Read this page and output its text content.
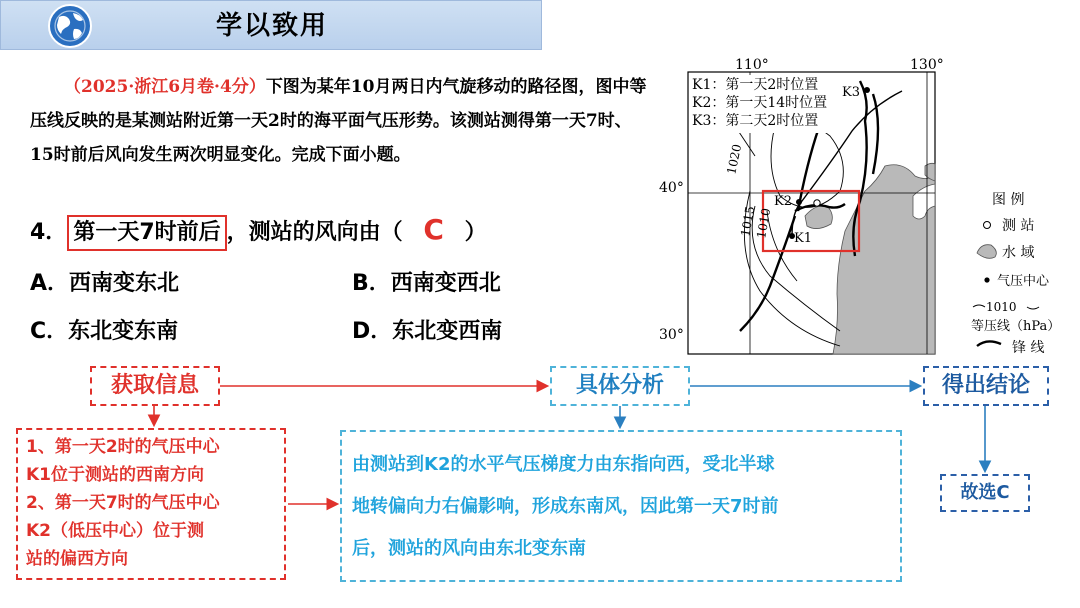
学以致用
（2025·浙江6月卷·4分）下图为某年10月两日内气旋移动的路径图，图中等压线反映的是某测站附近第一天2时的海平面气压形势。该测站测得第一天7时、15时前后风向发生两次明显变化。完成下面小题。
4． 第一天7时前后 ，测站的风向由（ C ）
A．西南变东北	B．西南变西北
C．东北变东南	D．东北变西南
K1
K2
K3
1020
1015
1010
K1：第一天2时位置
K2：第一天14时位置
K3：第二天2时位置
110°	130°
40°
30°
图 例
测 站
水 域
气压中心
1010
等压线（hPa）
锋 线
获取信息	具体分析	得出结论
1、第一天2时的气压中心
K1位于测站的西南方向
2、第一天7时的气压中心
K2（低压中心）位于测
站的偏西方向
由测站到K2的水平气压梯度力由东指向西，受北半球
地转偏向力右偏影响，形成东南风，因此第一天7时前
后，测站的风向由东北变东南
故选C
